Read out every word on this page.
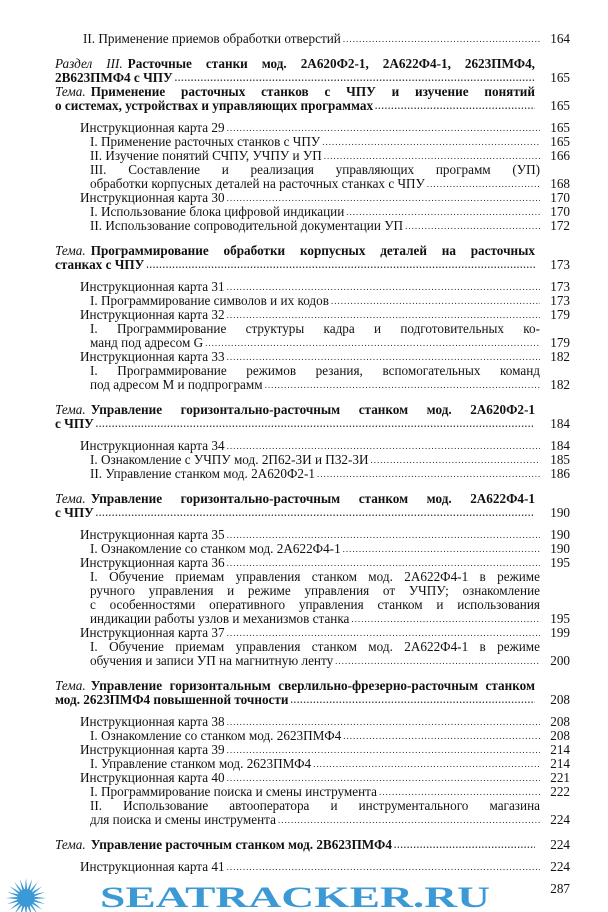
II. Применение приемов обработки отверстий .....	164
Раздел III. Расточные станки мод. 2А620Ф2-1, 2А622Ф4-1, 2623ПМФ4,
2В623ПМФ4 с ЧПУ .....	165
Тема. Применение расточных станков с ЧПУ и изучение понятий
о системах, устройствах и управляющих программах .....	165
Инструкционная карта 29 .....	165
I. Применение расточных станков с ЧПУ .....	165
II. Изучение понятий СЧПУ, УЧПУ и УП .....	166
III. Составление и реализация управляющих программ (УП)
обработки корпусных деталей на расточных станках с ЧПУ .....	168
Инструкционная карта 30 .....	170
I. Использование блока цифровой индикации .....	170
II. Использование сопроводительной документации УП .....	172
Тема. Программирование обработки корпусных деталей на расточных
станках с ЧПУ .....	173
Инструкционная карта 31 .....	173
I. Программирование символов и их кодов .....	173
Инструкционная карта 32 .....	179
I. Программирование структуры кадра и подготовительных ко-
манд под адресом G .....	179
Инструкционная карта 33 .....	182
I. Программирование режимов резания, вспомогательных команд
под адресом М и подпрограмм .....	182
Тема. Управление горизонтально-расточным станком мод. 2А620Ф2-1
с ЧПУ .....	184
Инструкционная карта 34 .....	184
I. Ознакомление с УЧПУ мод. 2П62-3И и П32-3И .....	185
II. Управление станком мод. 2А620Ф2-1 .....	186
Тема. Управление горизонтально-расточным станком мод. 2А622Ф4-1
с ЧПУ .....	190
Инструкционная карта 35 .....	190
I. Ознакомление со станком мод. 2А622Ф4-1 .....	190
Инструкционная карта 36 .....	195
I. Обучение приемам управления станком мод. 2А622Ф4-1 в режиме
ручного управления и режиме управления от УЧПУ; ознакомление
с особенностями оперативного управления станком и использования
индикации работы узлов и механизмов станка .....	195
Инструкционная карта 37 .....	199
I. Обучение приемам управления станком мод. 2А622Ф4-1 в режиме
обучения и записи УП на магнитную ленту .....	200
Тема. Управление горизонтальным сверлильно-фрезерно-расточным станком
мод. 2623ПМФ4 повышенной точности .....	208
Инструкционная карта 38 .....	208
I. Ознакомление со станком мод. 2623ПМФ4 .....	208
Инструкционная карта 39 .....	214
I. Управление станком мод. 2623ПМФ4 .....	214
Инструкционная карта 40 .....	221
I. Программирование поиска и смены инструмента .....	222
II. Использование автооператора и инструментального магазина
для поиска и смены инструмента .....	224
Тема. Управление расточным станком мод. 2В623ПМФ4 .....	224
Инструкционная карта 41 .....	224
287
SEATRACKER.RU
